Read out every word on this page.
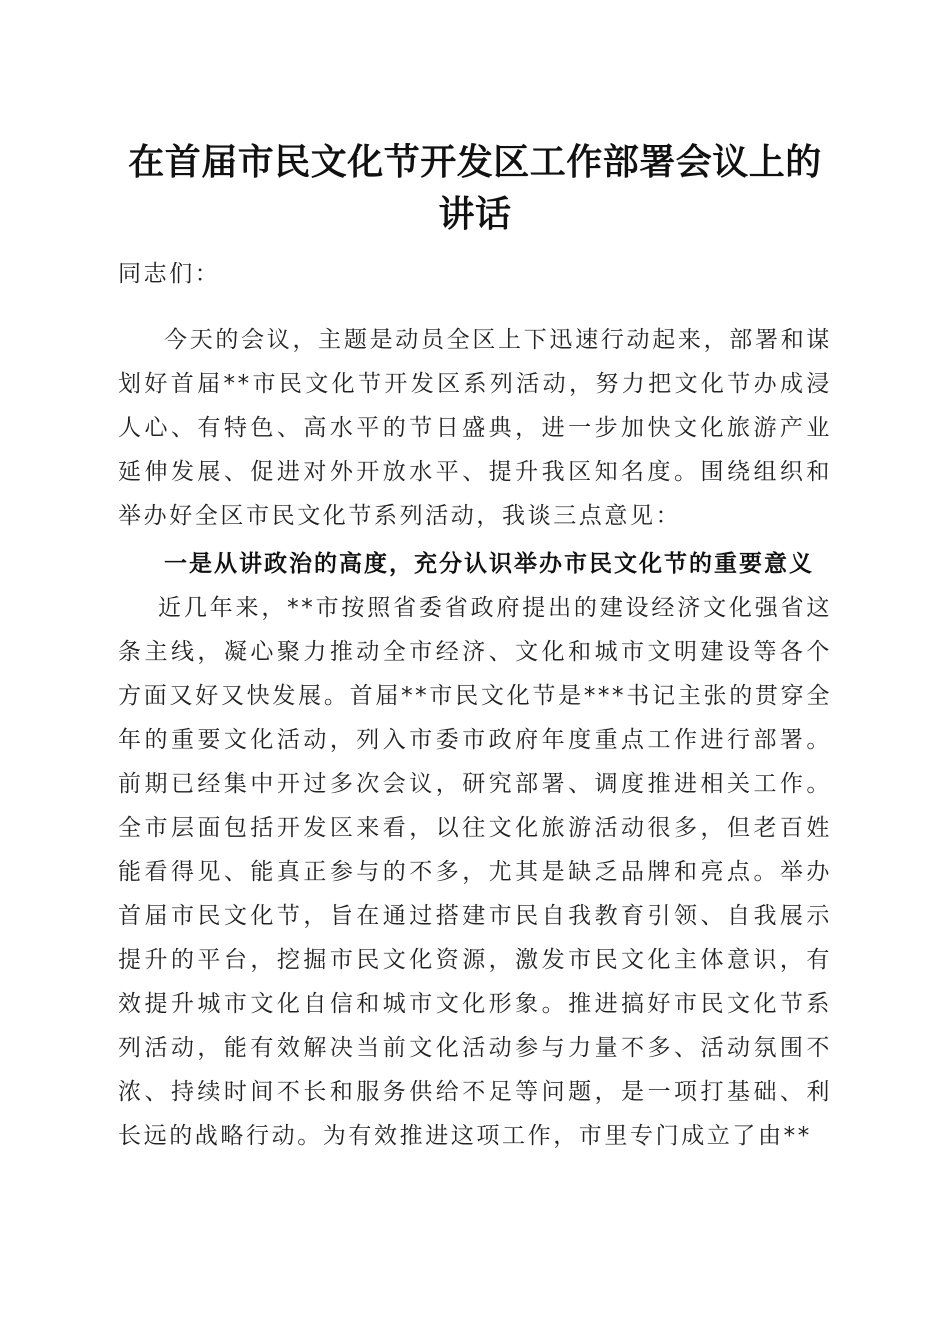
在首届市民文化节开发区工作部署会议上的讲话

同志们：

今天的会议，主题是动员全区上下迅速行动起来，部署和谋划好首届**市民文化节开发区系列活动，努力把文化节办成浸人心、有特色、高水平的节日盛典，进一步加快文化旅游产业延伸发展、促进对外开放水平、提升我区知名度。围绕组织和举办好全区市民文化节系列活动，我谈三点意见：

一是从讲政治的高度，充分认识举办市民文化节的重要意义

近几年来，**市按照省委省政府提出的建设经济文化强省这条主线，凝心聚力推动全市经济、文化和城市文明建设等各个方面又好又快发展。首届**市民文化节是***书记主张的贯穿全年的重要文化活动，列入市委市政府年度重点工作进行部署。前期已经集中开过多次会议，研究部署、调度推进相关工作。全市层面包括开发区来看，以往文化旅游活动很多，但老百姓能看得见、能真正参与的不多，尤其是缺乏品牌和亮点。举办首届市民文化节，旨在通过搭建市民自我教育引领、自我展示提升的平台，挖掘市民文化资源，激发市民文化主体意识，有效提升城市文化自信和城市文化形象。推进搞好市民文化节系列活动，能有效解决当前文化活动参与力量不多、活动氛围不浓、持续时间不长和服务供给不足等问题，是一项打基础、利长远的战略行动。为有效推进这项工作，市里专门成立了由**
